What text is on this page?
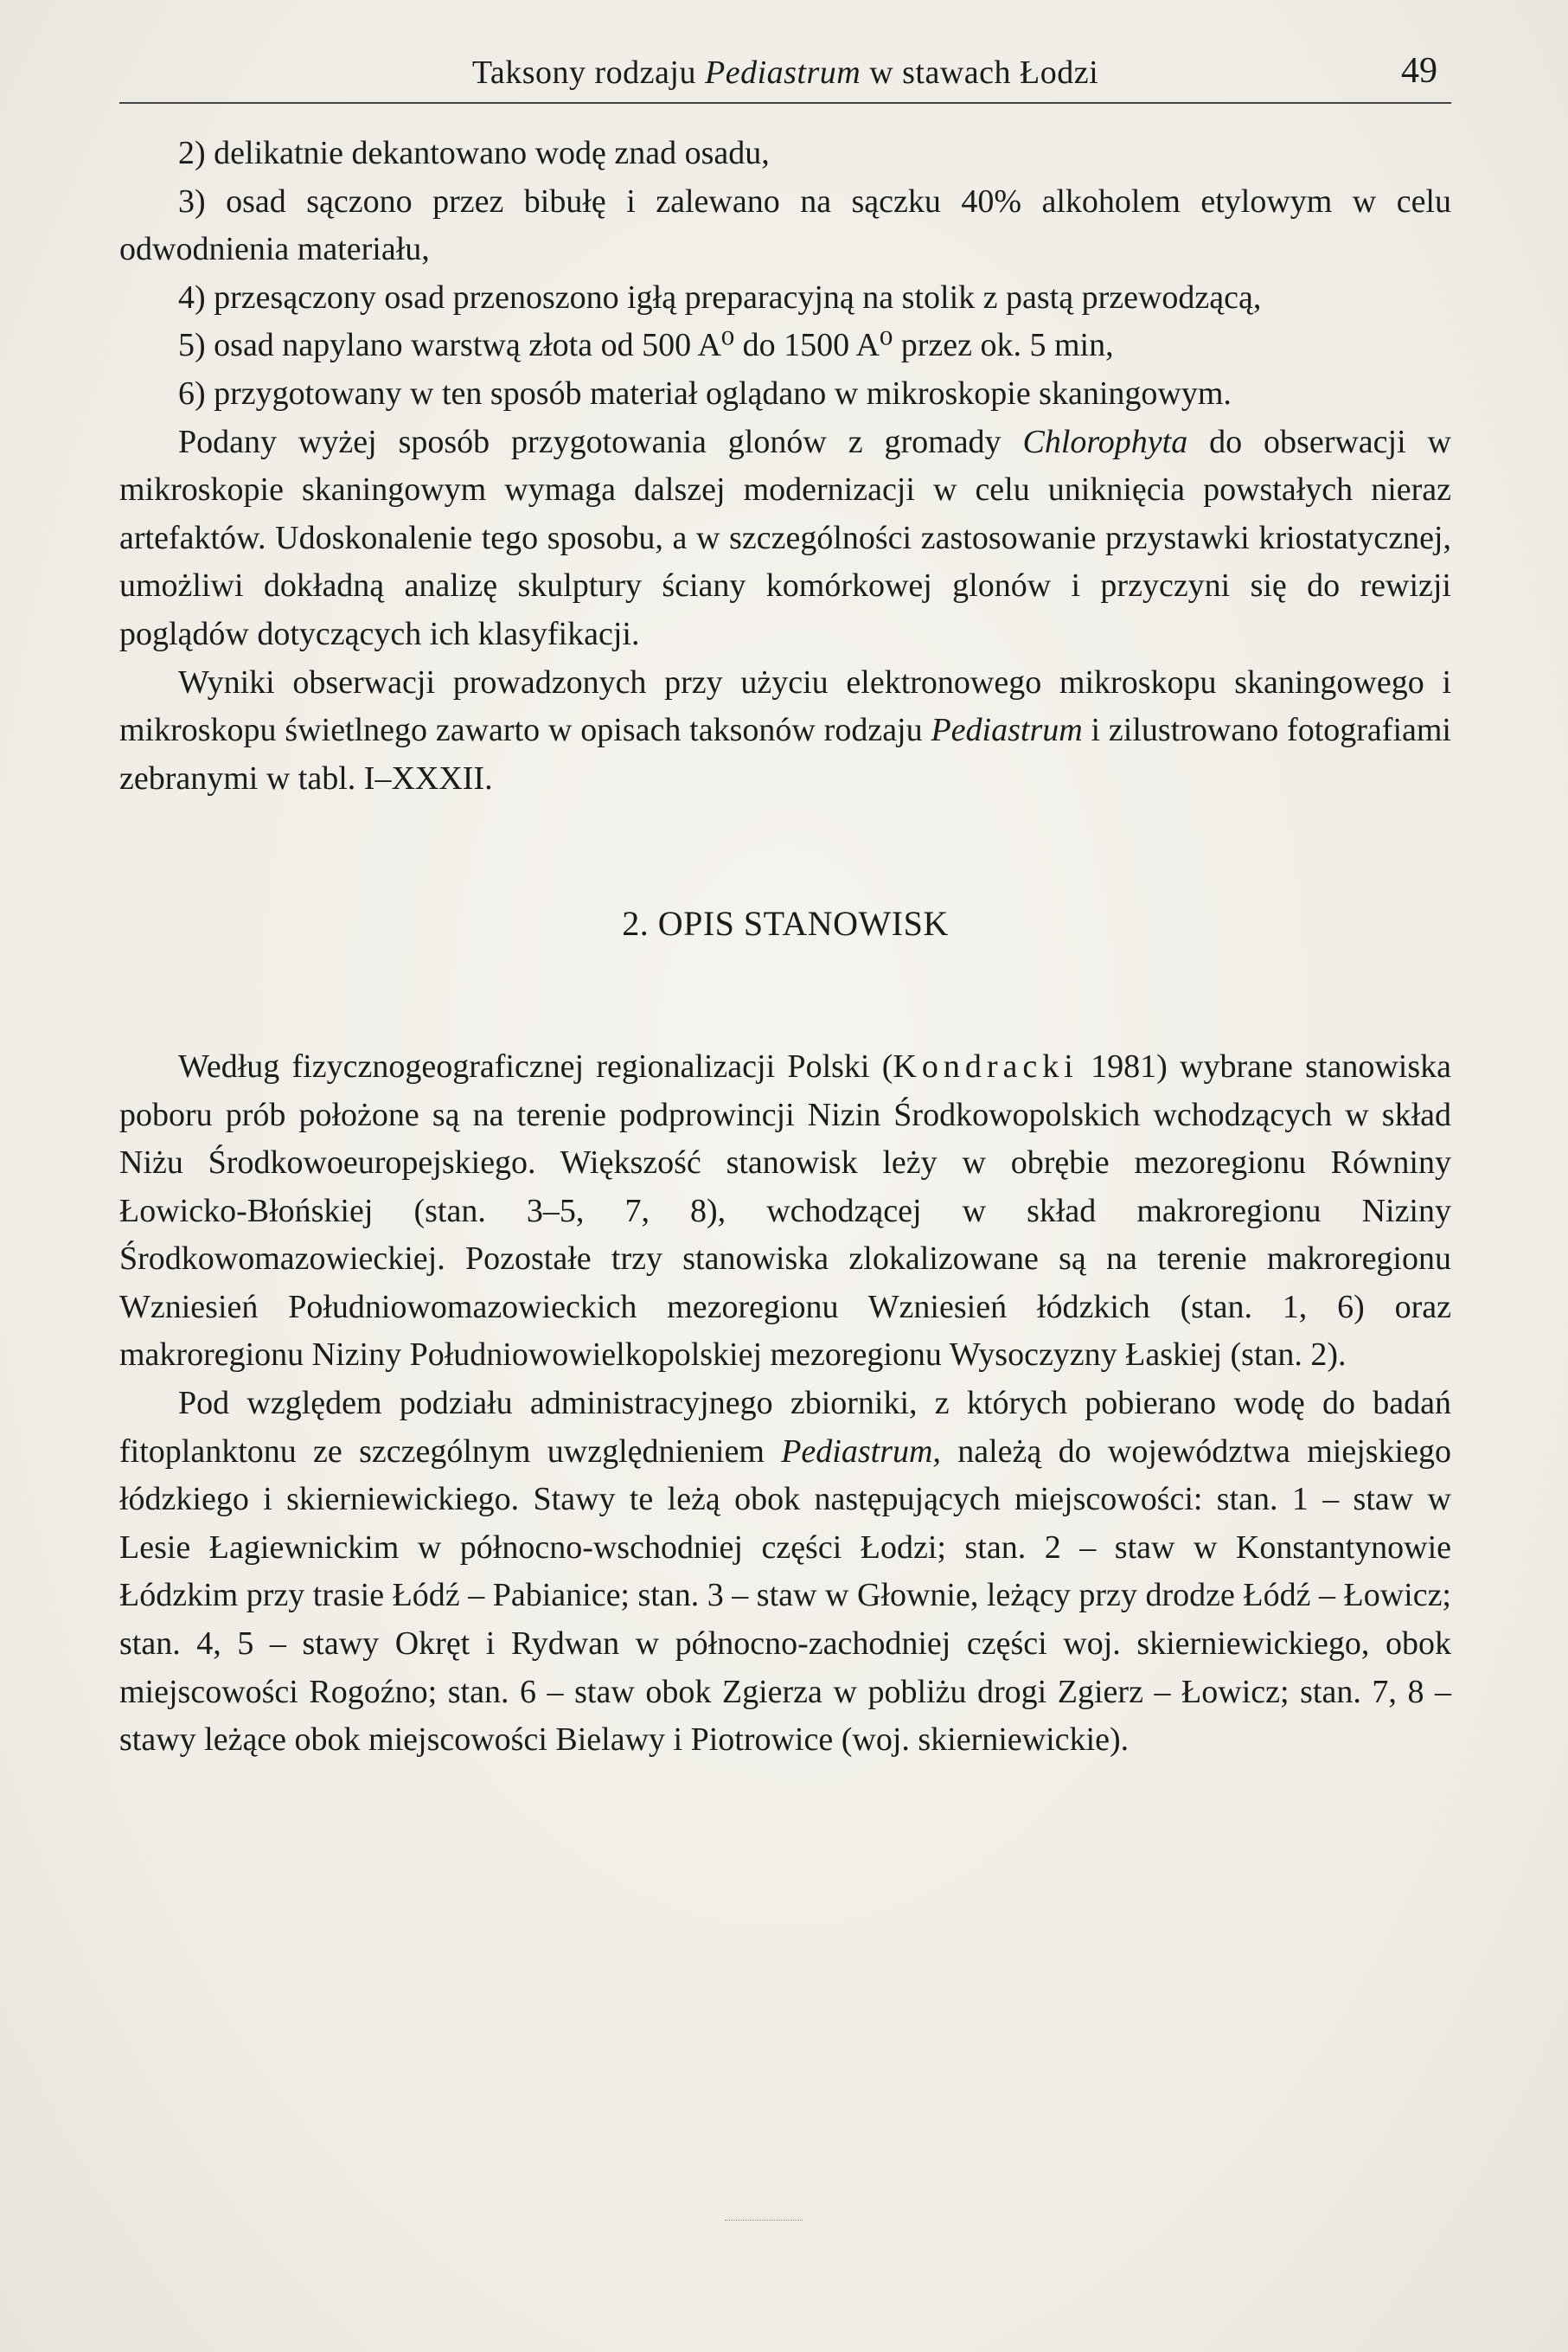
Taksony rodzaju Pediastrum w stawach Łodzi	49

2) delikatnie dekantowano wodę znad osadu,

3) osad sączono przez bibułę i zalewano na sączku 40% alkoholem etylowym w celu odwodnienia materiału,

4) przesączony osad przenoszono igłą preparacyjną na stolik z pastą przewodzącą,

5) osad napylano warstwą złota od 500 A⁰ do 1500 A⁰ przez ok. 5 min,

6) przygotowany w ten sposób materiał oglądano w mikroskopie skaningowym.

Podany wyżej sposób przygotowania glonów z gromady Chlorophyta do obserwacji w mikroskopie skaningowym wymaga dalszej modernizacji w celu uniknięcia powstałych nieraz artefaktów. Udoskonalenie tego sposobu, a w szczególności zastosowanie przystawki kriostatycznej, umożliwi dokładną analizę skulptury ściany komórkowej glonów i przyczyni się do rewizji poglądów dotyczących ich klasyfikacji.

Wyniki obserwacji prowadzonych przy użyciu elektronowego mikroskopu skaningowego i mikroskopu świetlnego zawarto w opisach taksonów rodzaju Pediastrum i zilustrowano fotografiami zebranymi w tabl. I–XXXII.

2. OPIS STANOWISK

Według fizycznogeograficznej regionalizacji Polski (Kondracki 1981) wybrane stanowiska poboru prób położone są na terenie podprowincji Nizin Środkowopolskich wchodzących w skład Niżu Środkowoeuropejskiego. Większość stanowisk leży w obrębie mezoregionu Równiny Łowicko-Błońskiej (stan. 3–5, 7, 8), wchodzącej w skład makroregionu Niziny Środkowomazowieckiej. Pozostałe trzy stanowiska zlokalizowane są na terenie makroregionu Wzniesień Południowomazowieckich mezoregionu Wzniesień łódzkich (stan. 1, 6) oraz makroregionu Niziny Południowowielkopolskiej mezoregionu Wysoczyzny Łaskiej (stan. 2).

Pod względem podziału administracyjnego zbiorniki, z których pobierano wodę do badań fitoplanktonu ze szczególnym uwzględnieniem Pediastrum, należą do województwa miejskiego łódzkiego i skierniewickiego. Stawy te leżą obok następujących miejscowości: stan. 1 – staw w Lesie Łagiewnickim w północno-wschodniej części Łodzi; stan. 2 – staw w Konstantynowie Łódzkim przy trasie Łódź – Pabianice; stan. 3 – staw w Głownie, leżący przy drodze Łódź – Łowicz; stan. 4, 5 – stawy Okręt i Rydwan w północno-zachodniej części woj. skierniewickiego, obok miejscowości Rogoźno; stan. 6 – staw obok Zgierza w pobliżu drogi Zgierz – Łowicz; stan. 7, 8 – stawy leżące obok miejscowości Bielawy i Piotrowice (woj. skierniewickie).
